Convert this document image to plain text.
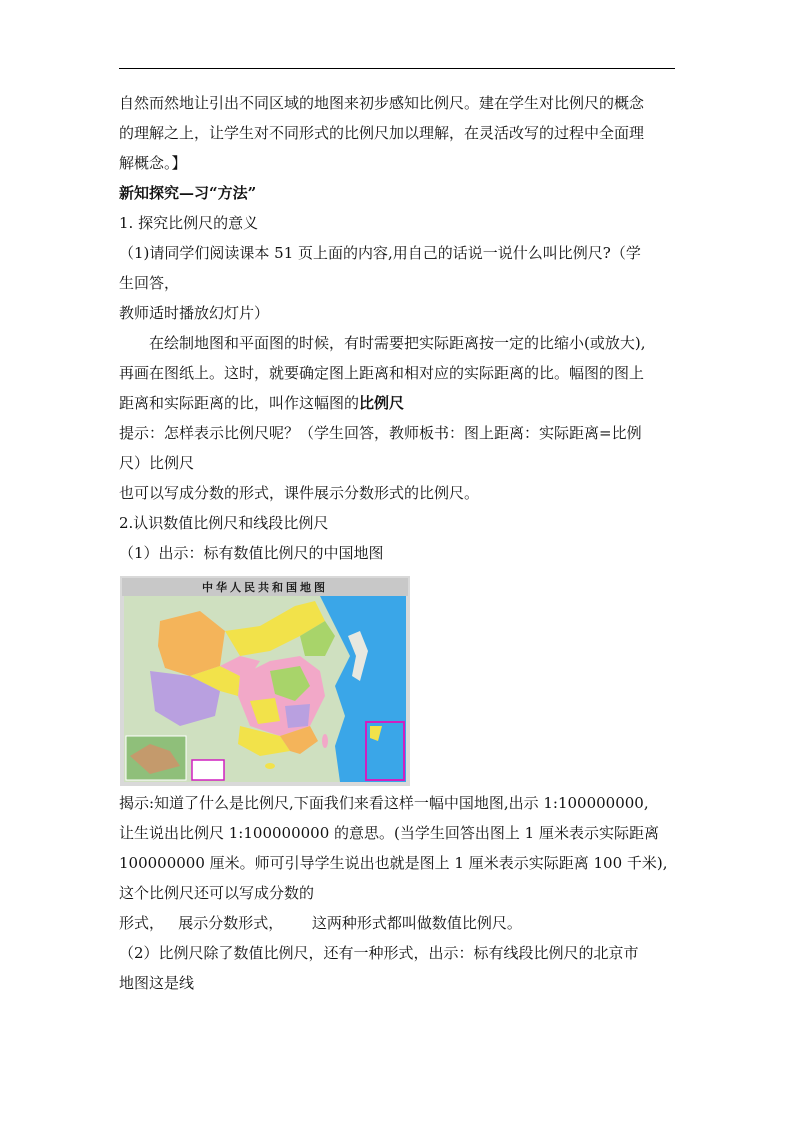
自然而然地让引出不同区域的地图来初步感知比例尺。建在学生对比例尺的概念

的理解之上，让学生对不同形式的比例尺加以理解，在灵活改写的过程中全面理

解概念。】

新知探究—习“方法”

1. 探究比例尺的意义

（1)请同学们阅读课本 51 页上面的内容,用自己的话说一说什么叫比例尺?（学

生回答，

教师适时播放幻灯片）

在绘制地图和平面图的时候，有时需要把实际距离按一定的比缩小(或放大),

再画在图纸上。这时，就要确定图上距离和相对应的实际距离的比。幅图的图上

距离和实际距离的比，叫作这幅图的比例尺

提示：怎样表示比例尺呢？（学生回答，教师板书：图上距离：实际距离=比例

尺）比例尺

也可以写成分数的形式，课件展示分数形式的比例尺。

2.认识数值比例尺和线段比例尺

（1）出示：标有数值比例尺的中国地图

中华人民共和国地图

揭示:知道了什么是比例尺,下面我们来看这样一幅中国地图,出示 1:100000000,

让生说出比例尺 1:100000000 的意思。(当学生回答出图上 1 厘米表示实际距离

100000000 厘米。师可引导学生说出也就是图上 1 厘米表示实际距离 100 千米),

这个比例尺还可以写成分数的

形式，   展示分数形式，      这两种形式都叫做数值比例尺。

（2）比例尺除了数值比例尺，还有一种形式，出示：标有线段比例尺的北京市

地图这是线
